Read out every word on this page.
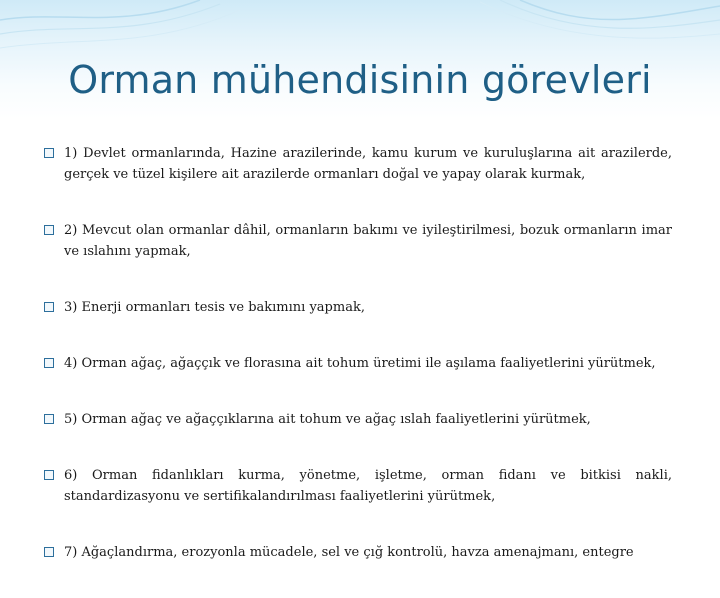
Orman mühendisinin görevleri
1) Devlet ormanlarında, Hazine arazilerinde, kamu kurum ve kuruluşlarına ait arazilerde, gerçek ve tüzel kişilere ait arazilerde ormanları doğal ve yapay olarak kurmak,
2) Mevcut olan ormanlar dâhil, ormanların bakımı ve iyileştirilmesi, bozuk ormanların imar ve ıslahını yapmak,
3) Enerji ormanları tesis ve bakımını yapmak,
4) Orman ağaç, ağaççık ve florasına ait tohum üretimi ile aşılama faaliyetlerini yürütmek,
5) Orman ağaç ve ağaççıklarına ait tohum ve ağaç ıslah faaliyetlerini yürütmek,
6) Orman fidanlıkları kurma, yönetme, işletme, orman fidanı ve bitkisi nakli, standardizasyonu ve sertifikalandırılması faaliyetlerini yürütmek,
7) Ağaçlandırma, erozyonla mücadele, sel ve çığ kontrolü, havza amenajmanı, entegre
